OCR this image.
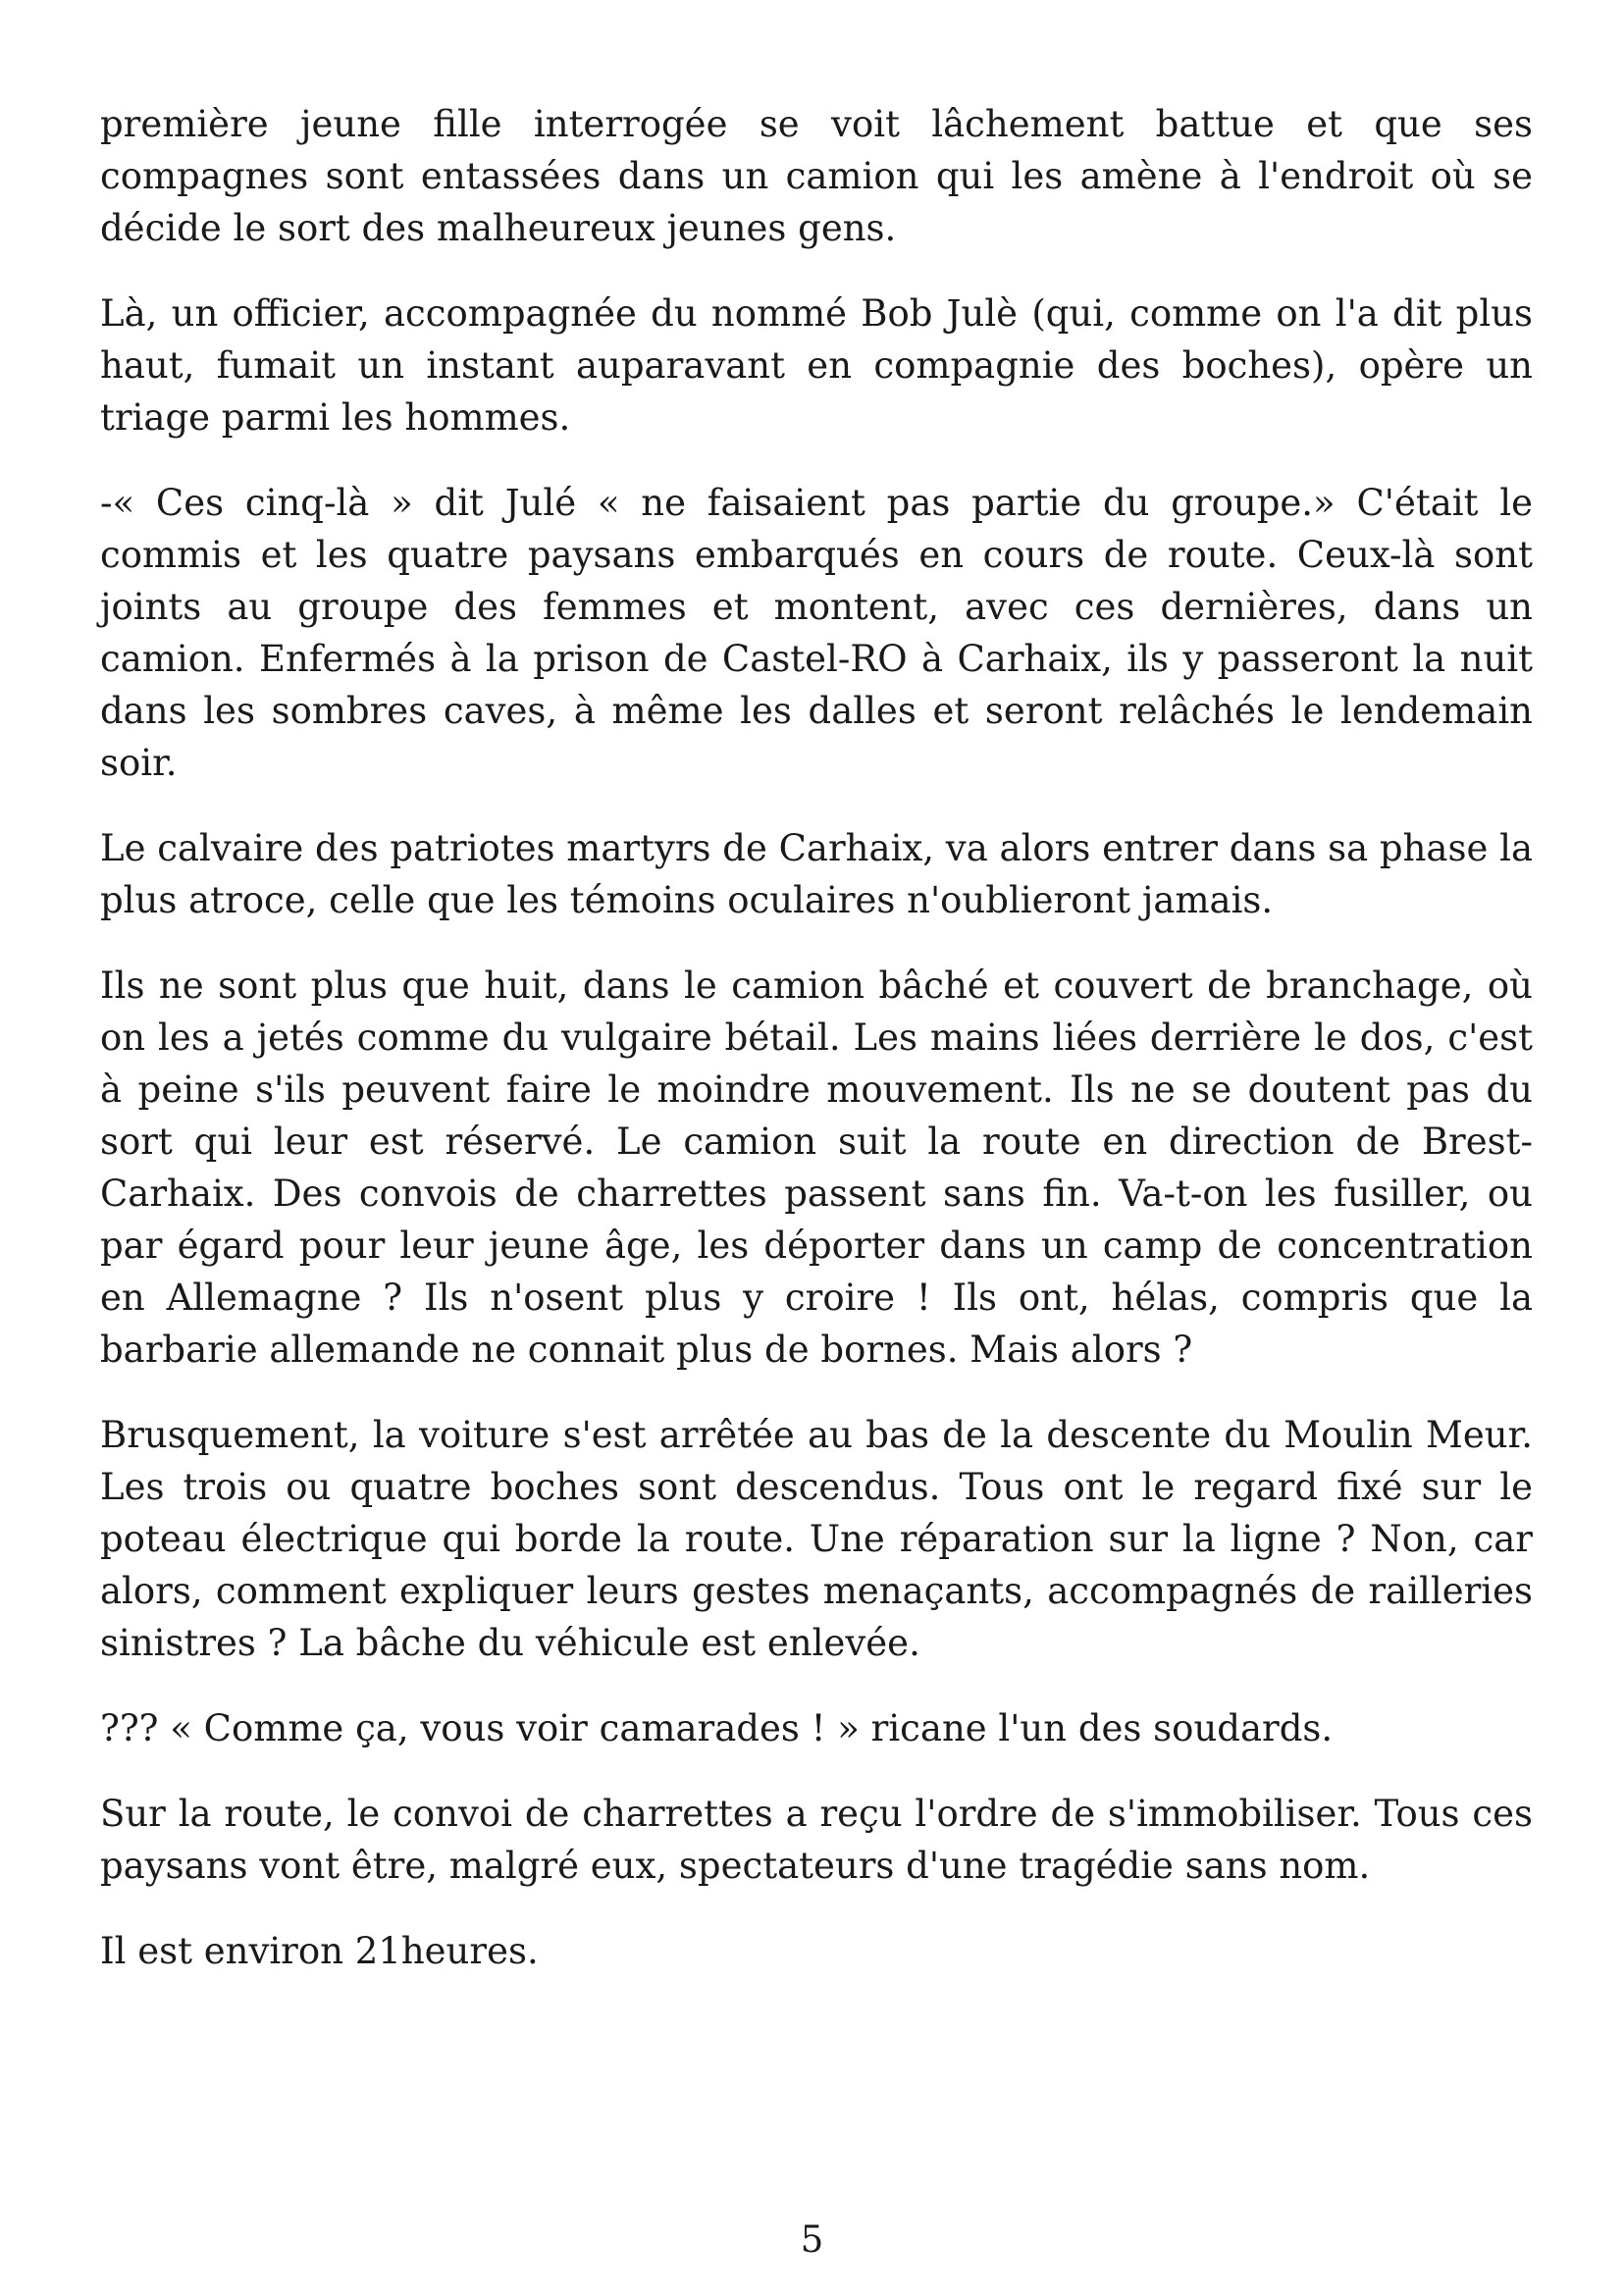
première jeune fille interrogée se voit lâchement battue et que ses compagnes sont entassées dans un camion qui les amène à l'endroit où se décide le sort des malheureux jeunes gens.

Là, un officier, accompagnée du nommé Bob Julè (qui, comme on l'a dit plus haut, fumait un instant auparavant en compagnie des boches), opère un triage parmi les hommes.

-« Ces cinq-là » dit Julé « ne faisaient pas partie du groupe.» C'était le commis et les quatre paysans embarqués en cours de route. Ceux-là sont joints au groupe des femmes et montent, avec ces dernières, dans un camion. Enfermés à la prison de Castel-RO à Carhaix, ils y passeront la nuit dans les sombres caves, à même les dalles et seront relâchés le lendemain soir.

Le calvaire des patriotes martyrs de Carhaix, va alors entrer dans sa phase la plus atroce, celle que les témoins oculaires n'oublieront jamais.

Ils ne sont plus que huit, dans le camion bâché et couvert de branchage, où on les a jetés comme du vulgaire bétail. Les mains liées derrière le dos, c'est à peine s'ils peuvent faire le moindre mouvement. Ils ne se doutent pas du sort qui leur est réservé. Le camion suit la route en direction de Brest-Carhaix. Des convois de charrettes passent sans fin. Va-t-on les fusiller, ou par égard pour leur jeune âge, les déporter dans un camp de concentration en Allemagne ? Ils n'osent plus y croire ! Ils ont, hélas, compris que la barbarie allemande ne connait plus de bornes. Mais alors ?

Brusquement, la voiture s'est arrêtée au bas de la descente du Moulin Meur. Les trois ou quatre boches sont descendus. Tous ont le regard fixé sur le poteau électrique qui borde la route. Une réparation sur la ligne ? Non, car alors, comment expliquer leurs gestes menaçants, accompagnés de railleries sinistres ? La bâche du véhicule est enlevée.

??? « Comme ça, vous voir camarades ! » ricane l'un des soudards.

Sur la route, le convoi de charrettes a reçu l'ordre de s'immobiliser. Tous ces paysans vont être, malgré eux, spectateurs d'une tragédie sans nom.

Il est environ 21heures.

5
